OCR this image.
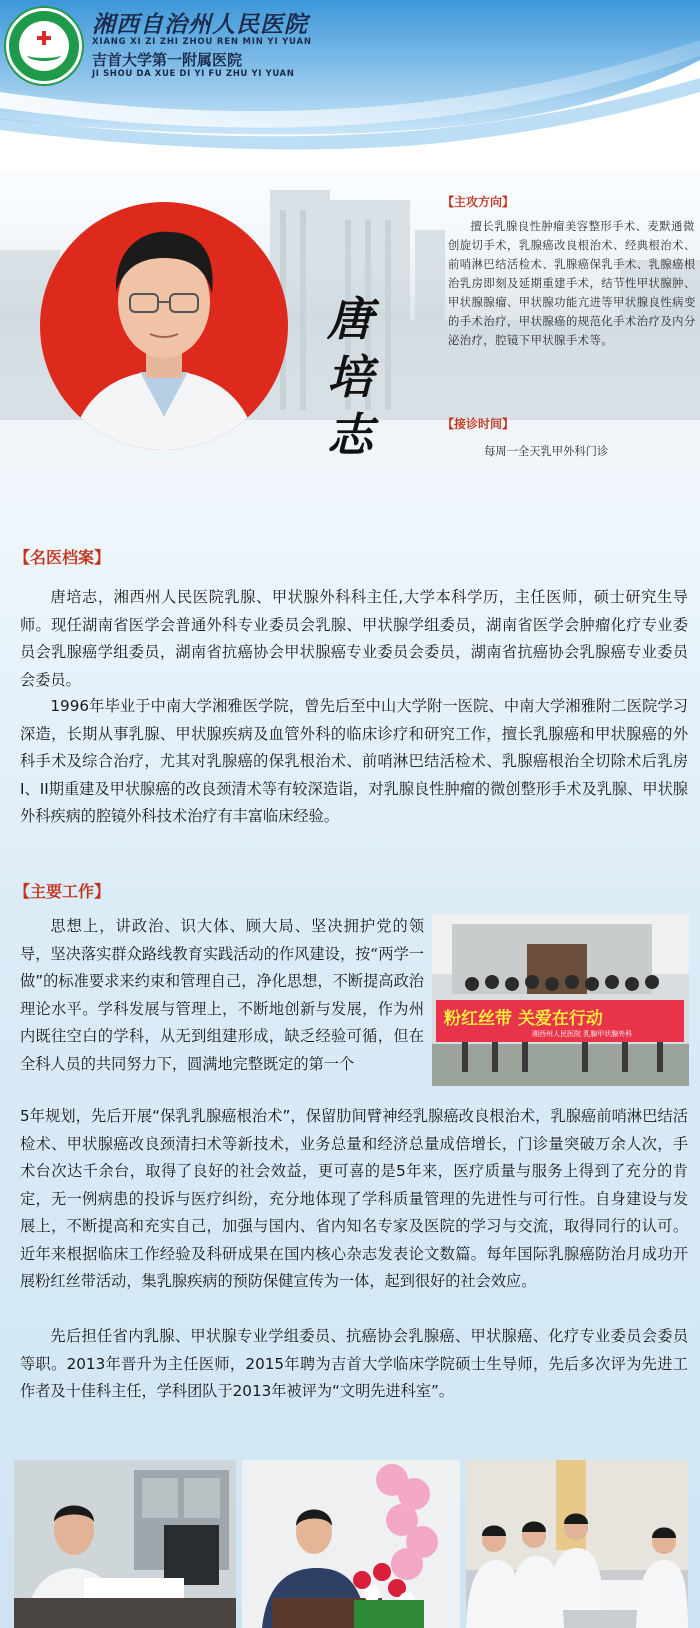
湘西自治州人民医院
XIANG XI ZI ZHI ZHOU REN MIN YI YUAN
吉首大学第一附属医院
JI SHOU DA XUE DI YI FU ZHU YI YUAN
唐
培
志
【主攻方向】
擅长乳腺良性肿瘤美容整形手术、麦默通微创旋切手术，乳腺癌改良根治术、经典根治术、前哨淋巴结活检术、乳腺癌保乳手术、乳腺癌根治乳房即刻及延期重建手术，结节性甲状腺肿、甲状腺腺瘤、甲状腺功能亢进等甲状腺良性病变的手术治疗，甲状腺癌的规范化手术治疗及内分泌治疗，腔镜下甲状腺手术等。
【接诊时间】
每周一全天乳甲外科门诊
【名医档案】
唐培志，湘西州人民医院乳腺、甲状腺外科科主任,大学本科学历，主任医师，硕士研究生导师。现任湖南省医学会普通外科专业委员会乳腺、甲状腺学组委员，湖南省医学会肿瘤化疗专业委员会乳腺癌学组委员，湖南省抗癌协会甲状腺癌专业委员会委员，湖南省抗癌协会乳腺癌专业委员会委员。
1996年毕业于中南大学湘雅医学院，曾先后至中山大学附一医院、中南大学湘雅附二医院学习深造，长期从事乳腺、甲状腺疾病及血管外科的临床诊疗和研究工作，擅长乳腺癌和甲状腺癌的外科手术及综合治疗，尤其对乳腺癌的保乳根治术、前哨淋巴结活检术、乳腺癌根治全切除术后乳房I、II期重建及甲状腺癌的改良颈清术等有较深造诣，对乳腺良性肿瘤的微创整形手术及乳腺、甲状腺外科疾病的腔镜外科技术治疗有丰富临床经验。
【主要工作】
思想上，讲政治、识大体、顾大局、坚决拥护党的领导，坚决落实群众路线教育实践活动的作风建设，按“两学一做”的标准要求来约束和管理自己，净化思想，不断提高政治理论水平。学科发展与管理上，不断地创新与发展，作为州内既往空白的学科，从无到组建形成，缺乏经验可循，但在全科人员的共同努力下，圆满地完整既定的第一个
5年规划，先后开展“保乳乳腺癌根治术”，保留肋间臂神经乳腺癌改良根治术，乳腺癌前哨淋巴结活检术、甲状腺癌改良颈清扫术等新技术，业务总量和经济总量成倍增长，门诊量突破万余人次，手术台次达千余台，取得了良好的社会效益，更可喜的是5年来，医疗质量与服务上得到了充分的肯定，无一例病患的投诉与医疗纠纷，充分地体现了学科质量管理的先进性与可行性。自身建设与发展上，不断提高和充实自己，加强与国内、省内知名专家及医院的学习与交流，取得同行的认可。近年来根据临床工作经验及科研成果在国内核心杂志发表论文数篇。每年国际乳腺癌防治月成功开展粉红丝带活动，集乳腺疾病的预防保健宣传为一体，起到很好的社会效应。
先后担任省内乳腺、甲状腺专业学组委员、抗癌协会乳腺癌、甲状腺癌、化疗专业委员会委员等职。2013年晋升为主任医师，2015年聘为吉首大学临床学院硕士生导师，先后多次评为先进工作者及十佳科主任，学科团队于2013年被评为“文明先进科室”。
粉红丝带 关爱在行动
湘西州人民医院 乳腺甲状腺外科
